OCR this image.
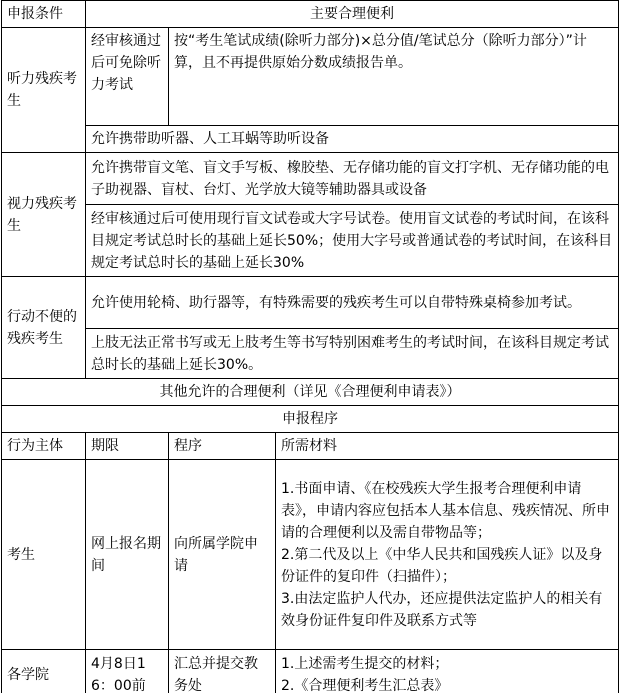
申报条件	主要合理便利		
听力残疾考生	经审核通过后可免除听力考试	按“考生笔试成绩(除听力部分)×总分值/笔试总分（除听力部分）”计算，且不再提供原始分数成绩报告单。	
	允许携带助听器、人工耳蜗等助听设备		
视力残疾考生	允许携带盲文笔、盲文手写板、橡胶垫、无存储功能的盲文打字机、无存储功能的电子助视器、盲杖、台灯、光学放大镜等辅助器具或设备		
	经审核通过后可使用现行盲文试卷或大字号试卷。使用盲文试卷的考试时间，在该科目规定考试总时长的基础上延长50%；使用大字号或普通试卷的考试时间，在该科目规定考试总时长的基础上延长30%		
行动不便的残疾考生	允许使用轮椅、助行器等，有特殊需要的残疾考生可以自带特殊桌椅参加考试。		
	上肢无法正常书写或无上肢考生等书写特别困难考生的考试时间，在该科目规定考试总时长的基础上延长30%。		
其他允许的合理便利（详见《合理便利申请表》）			
申报程序			
行为主体	期限	程序	所需材料
考生	网上报名期间	向所属学院申请	1.书面申请、《在校残疾大学生报考合理便利申请表》，申请内容应包括本人基本信息、残疾情况、所申请的合理便利以及需自带物品等；
2.第二代及以上《中华人民共和国残疾人证》以及身份证件的复印件（扫描件）；
3.由法定监护人代办，还应提供法定监护人的相关有效身份证件复印件及联系方式等

各学院	4月8日16：00前	汇总并提交教务处	1.上述需考生提交的材料；
2.《合理便利考生汇总表》
